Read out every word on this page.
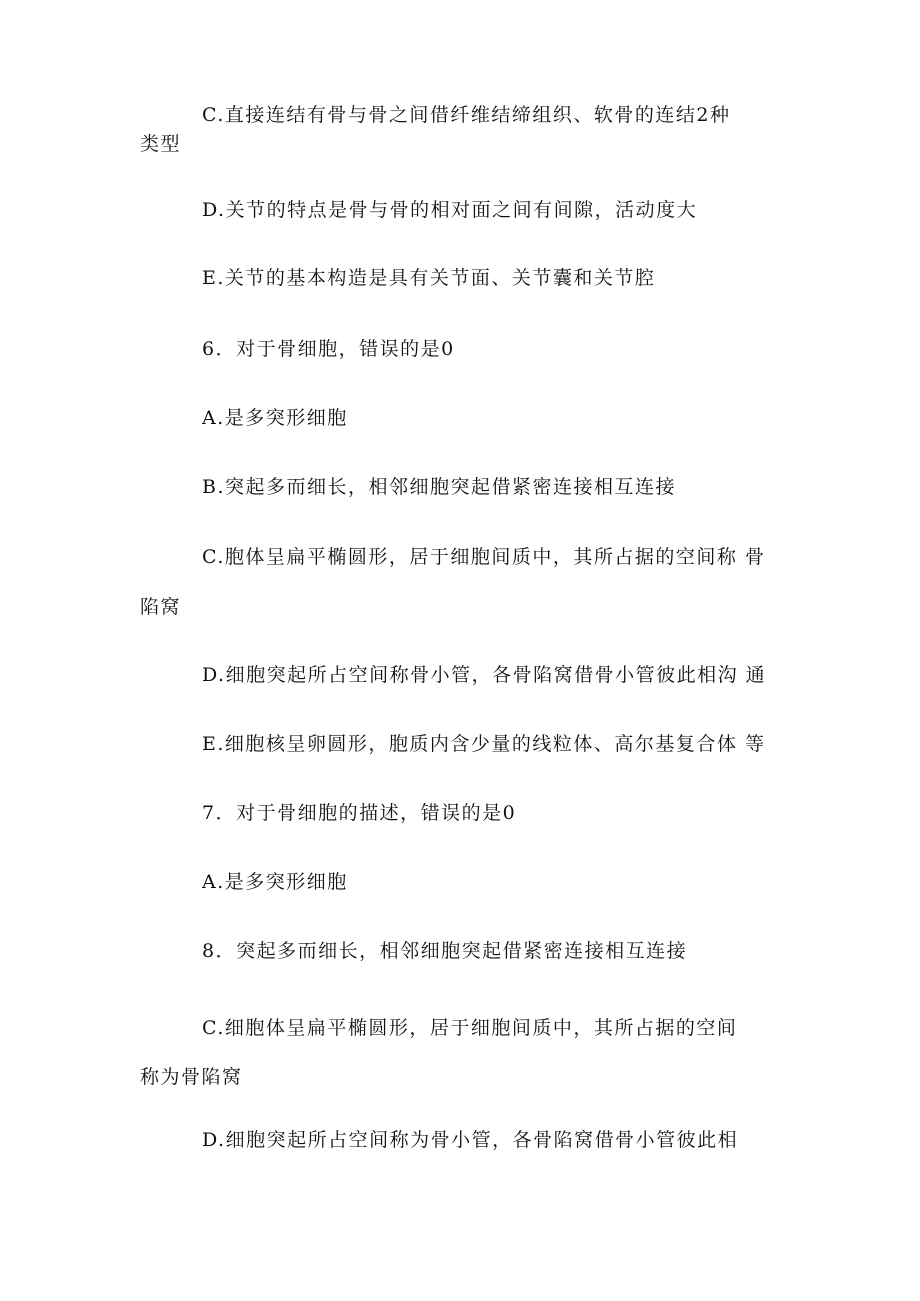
C.直接连结有骨与骨之间借纤维结缔组织、软骨的连结2种
类型
D.关节的特点是骨与骨的相对面之间有间隙，活动度大
E.关节的基本构造是具有关节面、关节囊和关节腔
6．对于骨细胞，错误的是0
A.是多突形细胞
B.突起多而细长，相邻细胞突起借紧密连接相互连接
C.胞体呈扁平椭圆形，居于细胞间质中，其所占据的空间称 骨
陷窝
D.细胞突起所占空间称骨小管，各骨陷窝借骨小管彼此相沟 通
E.细胞核呈卵圆形，胞质内含少量的线粒体、高尔基复合体 等
7．对于骨细胞的描述，错误的是0
A.是多突形细胞
8．突起多而细长，相邻细胞突起借紧密连接相互连接
C.细胞体呈扁平椭圆形，居于细胞间质中，其所占据的空间
称为骨陷窝
D.细胞突起所占空间称为骨小管，各骨陷窝借骨小管彼此相
